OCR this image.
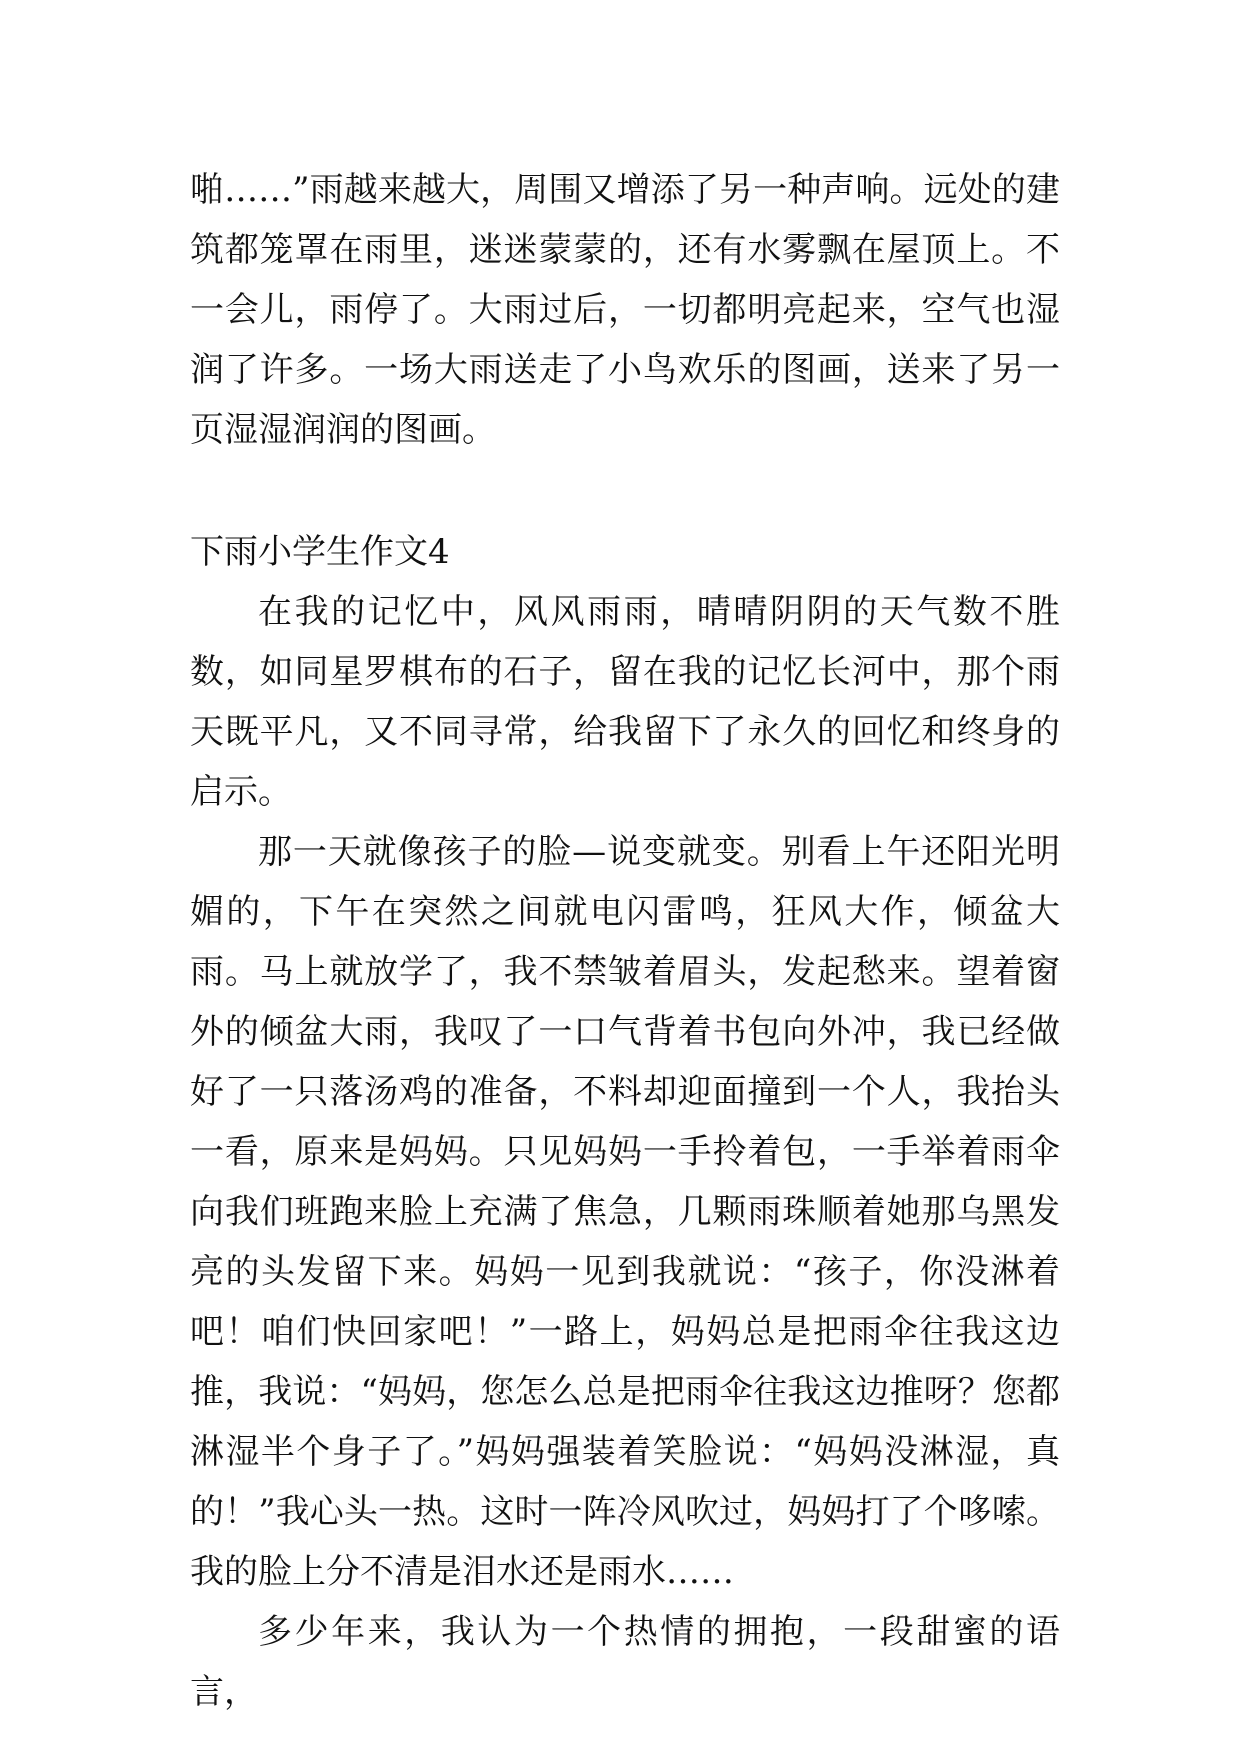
啪……”雨越来越大，周围又增添了另一种声响。远处的建筑都笼罩在雨里，迷迷蒙蒙的，还有水雾飘在屋顶上。不一会儿，雨停了。大雨过后，一切都明亮起来，空气也湿润了许多。一场大雨送走了小鸟欢乐的图画，送来了另一页湿湿润润的图画。

下雨小学生作文4

在我的记忆中，风风雨雨，晴晴阴阴的天气数不胜数，如同星罗棋布的石子，留在我的记忆长河中，那个雨天既平凡，又不同寻常，给我留下了永久的回忆和终身的启示。

那一天就像孩子的脸—说变就变。别看上午还阳光明媚的，下午在突然之间就电闪雷鸣，狂风大作，倾盆大雨。马上就放学了，我不禁皱着眉头，发起愁来。望着窗外的倾盆大雨，我叹了一口气背着书包向外冲，我已经做好了一只落汤鸡的准备，不料却迎面撞到一个人，我抬头一看，原来是妈妈。只见妈妈一手拎着包，一手举着雨伞向我们班跑来脸上充满了焦急，几颗雨珠顺着她那乌黑发亮的头发留下来。妈妈一见到我就说：“孩子，你没淋着吧！咱们快回家吧！”一路上，妈妈总是把雨伞往我这边推，我说：“妈妈，您怎么总是把雨伞往我这边推呀？您都淋湿半个身子了。”妈妈强装着笑脸说：“妈妈没淋湿，真的！”我心头一热。这时一阵冷风吹过，妈妈打了个哆嗦。我的脸上分不清是泪水还是雨水……

多少年来，我认为一个热情的拥抱，一段甜蜜的语言，
